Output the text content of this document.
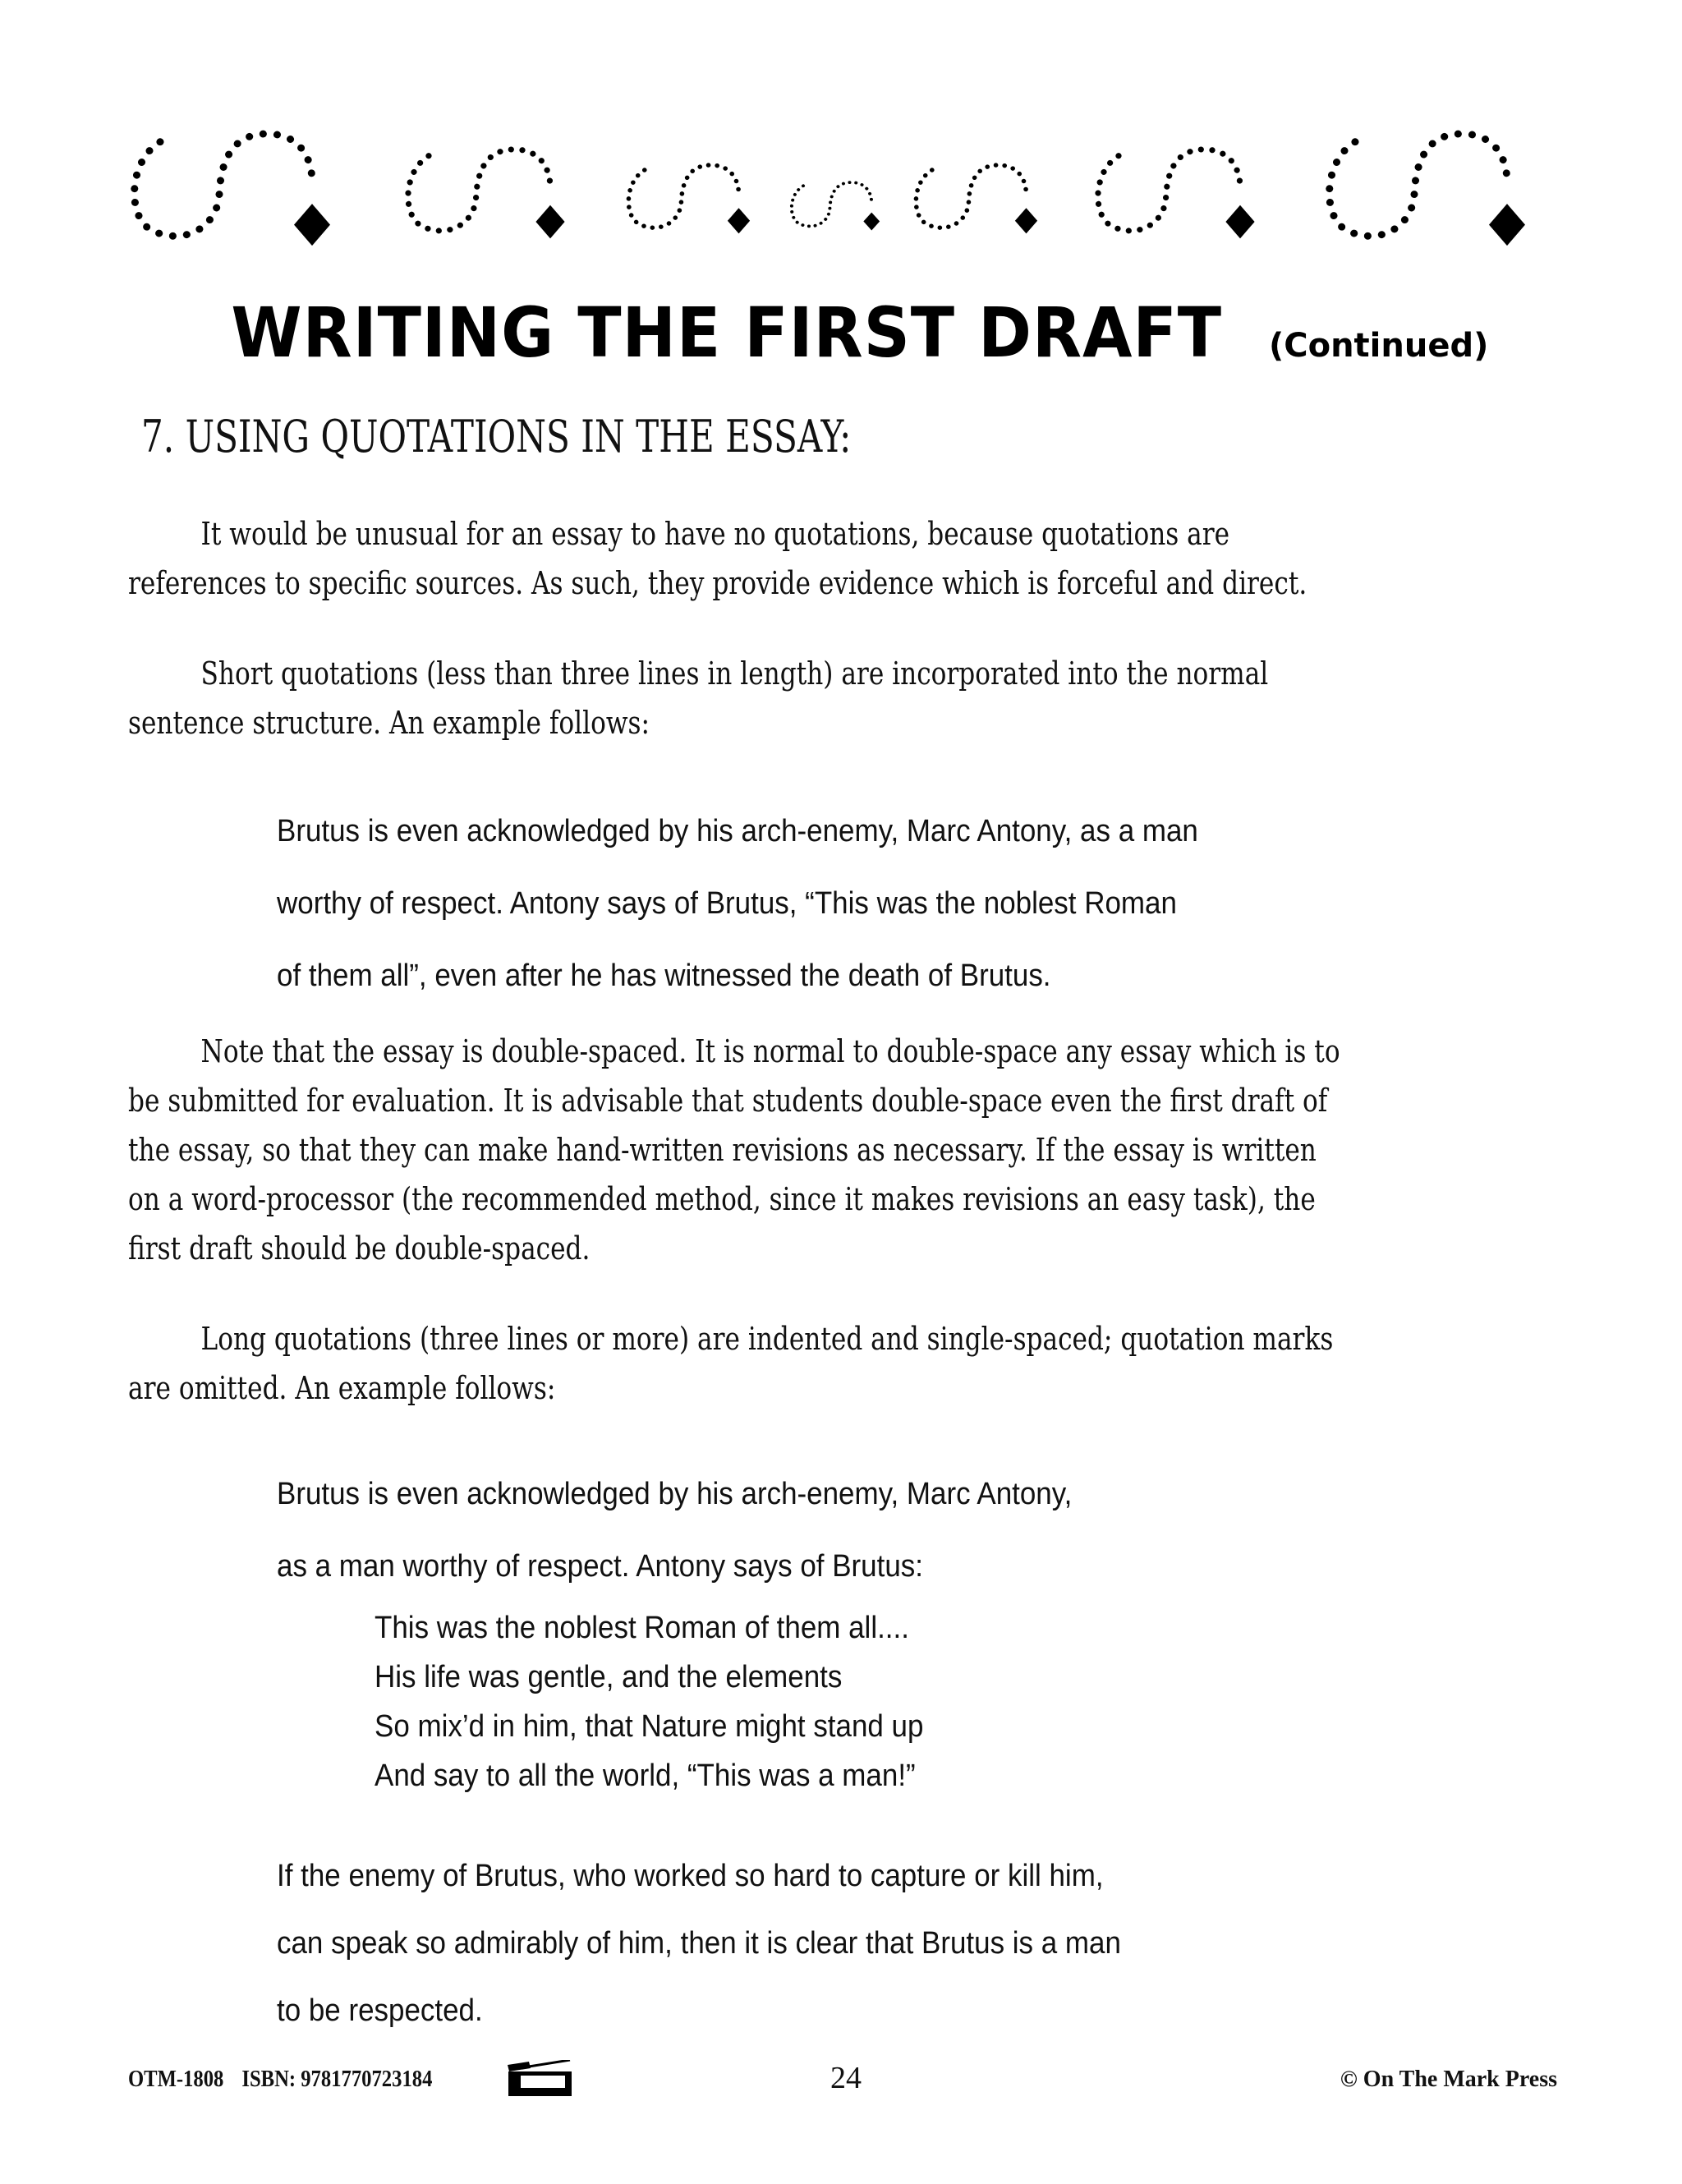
WRITING THE FIRST DRAFT (Continued)
7. USING QUOTATIONS IN THE ESSAY:
It would be unusual for an essay to have no quotations, because quotations are
references to specific sources. As such, they provide evidence which is forceful and direct.
Short quotations (less than three lines in length) are incorporated into the normal
sentence structure. An example follows:
Brutus is even acknowledged by his arch-enemy, Marc Antony, as a man
worthy of respect. Antony says of Brutus, “This was the noblest Roman
of them all”, even after he has witnessed the death of Brutus.
Note that the essay is double-spaced. It is normal to double-space any essay which is to
be submitted for evaluation. It is advisable that students double-space even the first draft of
the essay, so that they can make hand-written revisions as necessary. If the essay is written
on a word-processor (the recommended method, since it makes revisions an easy task), the
first draft should be double-spaced.
Long quotations (three lines or more) are indented and single-spaced; quotation marks
are omitted. An example follows:
Brutus is even acknowledged by his arch-enemy, Marc Antony,
as a man worthy of respect. Antony says of Brutus:
This was the noblest Roman of them all....
His life was gentle, and the elements
So mix’d in him, that Nature might stand up
And say to all the world, “This was a man!”
If the enemy of Brutus, who worked so hard to capture or kill him,
can speak so admirably of him, then it is clear that Brutus is a man
to be respected.
OTM-1808 ISBN: 9781770723184	24	© On The Mark Press
